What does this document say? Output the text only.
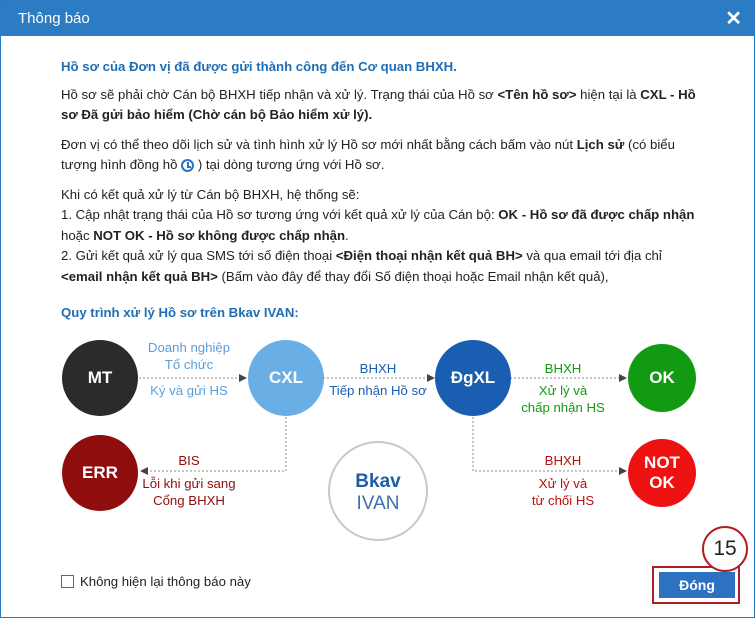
Thông báo	✕

Hồ sơ của Đơn vị đã được gửi thành công đến Cơ quan BHXH.

Hồ sơ sẽ phải chờ Cán bộ BHXH tiếp nhận và xử lý. Trạng thái của Hồ sơ <Tên hồ sơ> hiện tại là CXL - Hồ sơ Đã gửi bảo hiểm (Chờ cán bộ Bảo hiểm xử lý).

Đơn vị có thể theo dõi lịch sử và tình hình xử lý Hồ sơ mới nhất bằng cách bấm vào nút Lịch sử (có biểu tượng hình đồng hồ  ) tại dòng tương ứng với Hồ sơ.

Khi có kết quả xử lý từ Cán bộ BHXH, hệ thống sẽ:
1. Cập nhật trạng thái của Hồ sơ tương ứng với kết quả xử lý của Cán bộ: OK - Hồ sơ đã được chấp nhận hoặc NOT OK - Hồ sơ không được chấp nhận.
2. Gửi kết quả xử lý qua SMS tới số điện thoại <Điện thoại nhận kết quả BH> và qua email tới địa chỉ
<email nhận kết quả BH> (Bấm vào đây để thay đổi Số điện thoại hoặc Email nhận kết quả),

Quy trình xử lý Hồ sơ trên Bkav IVAN:
MT	CXL	ĐgXL	OK
ERR
NOT
OK
Doanh nghiệp
Tổ chức
Ký và gửi HS
BHXH
Tiếp nhận Hồ sơ
BHXH
Xử lý và
chấp nhận HS
BIS
Lỗi khi gửi sang
Cổng BHXH
BHXH
Xử lý và
từ chối HS
Bkav
IVAN
Không hiện lại thông báo này	Đóng
15
